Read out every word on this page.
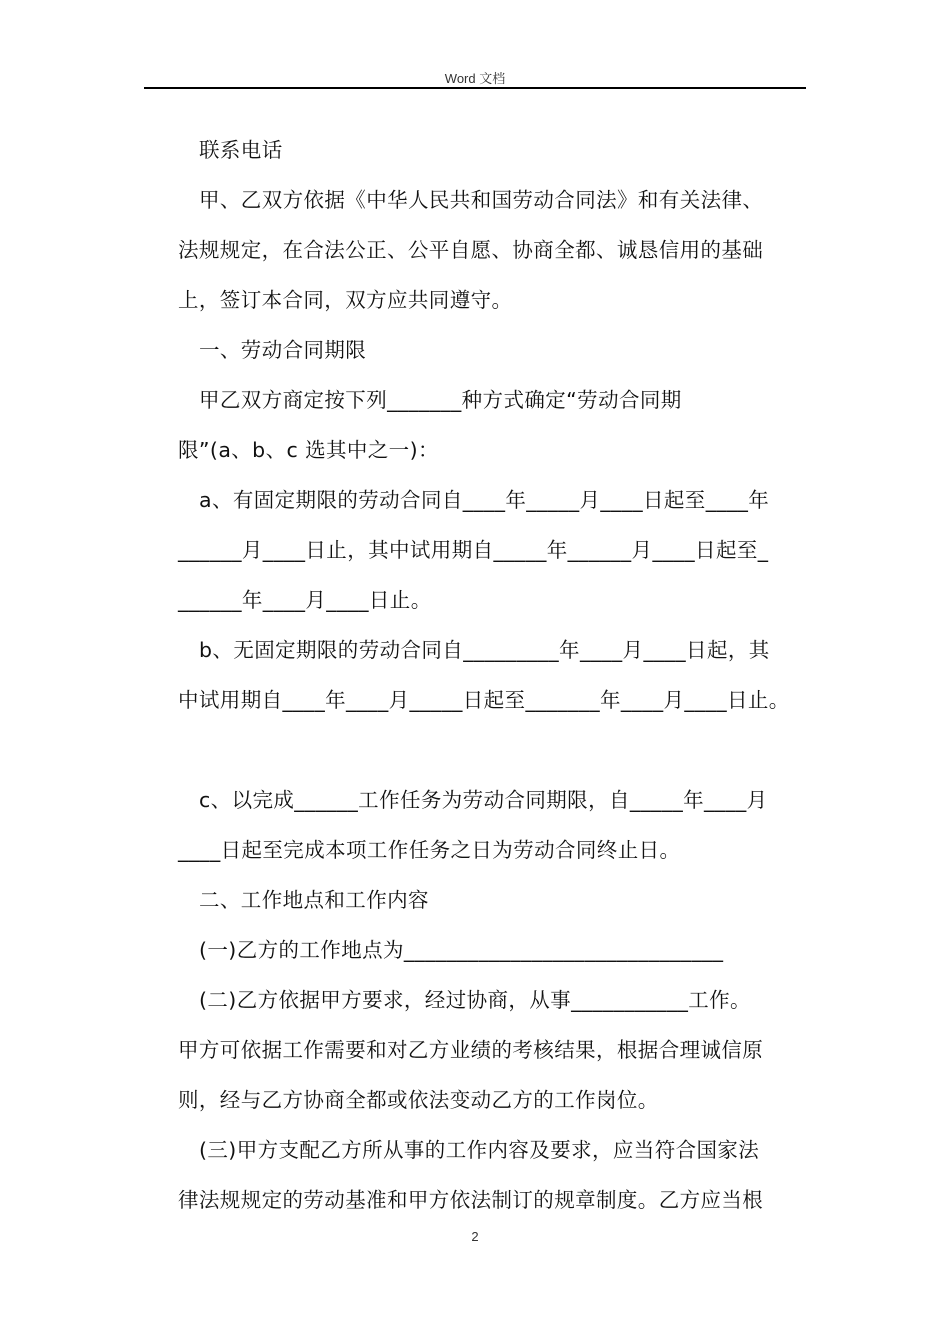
Word 文档
联系电话
甲、乙双方依据《中华人民共和国劳动合同法》和有关法律、
法规规定，在合法公正、公平自愿、协商全都、诚恳信用的基础
上，签订本合同，双方应共同遵守。
一、劳动合同期限
甲乙双方商定按下列_______种方式确定“劳动合同期
限”(a、b、c 选其中之一)：
a、有固定期限的劳动合同自____年_____月____日起至____年
______月____日止，其中试用期自_____年______月____日起至_
______年____月____日止。
b、无固定期限的劳动合同自_________年____月____日起，其
中试用期自____年____月_____日起至_______年____月____日止。
c、以完成______工作任务为劳动合同期限，自_____年____月
____日起至完成本项工作任务之日为劳动合同终止日。
二、工作地点和工作内容
(一)乙方的工作地点为______________________________
(二)乙方依据甲方要求，经过协商，从事___________工作。
甲方可依据工作需要和对乙方业绩的考核结果，根据合理诚信原
则，经与乙方协商全都或依法变动乙方的工作岗位。
(三)甲方支配乙方所从事的工作内容及要求，应当符合国家法
律法规规定的劳动基准和甲方依法制订的规章制度。乙方应当根
2
